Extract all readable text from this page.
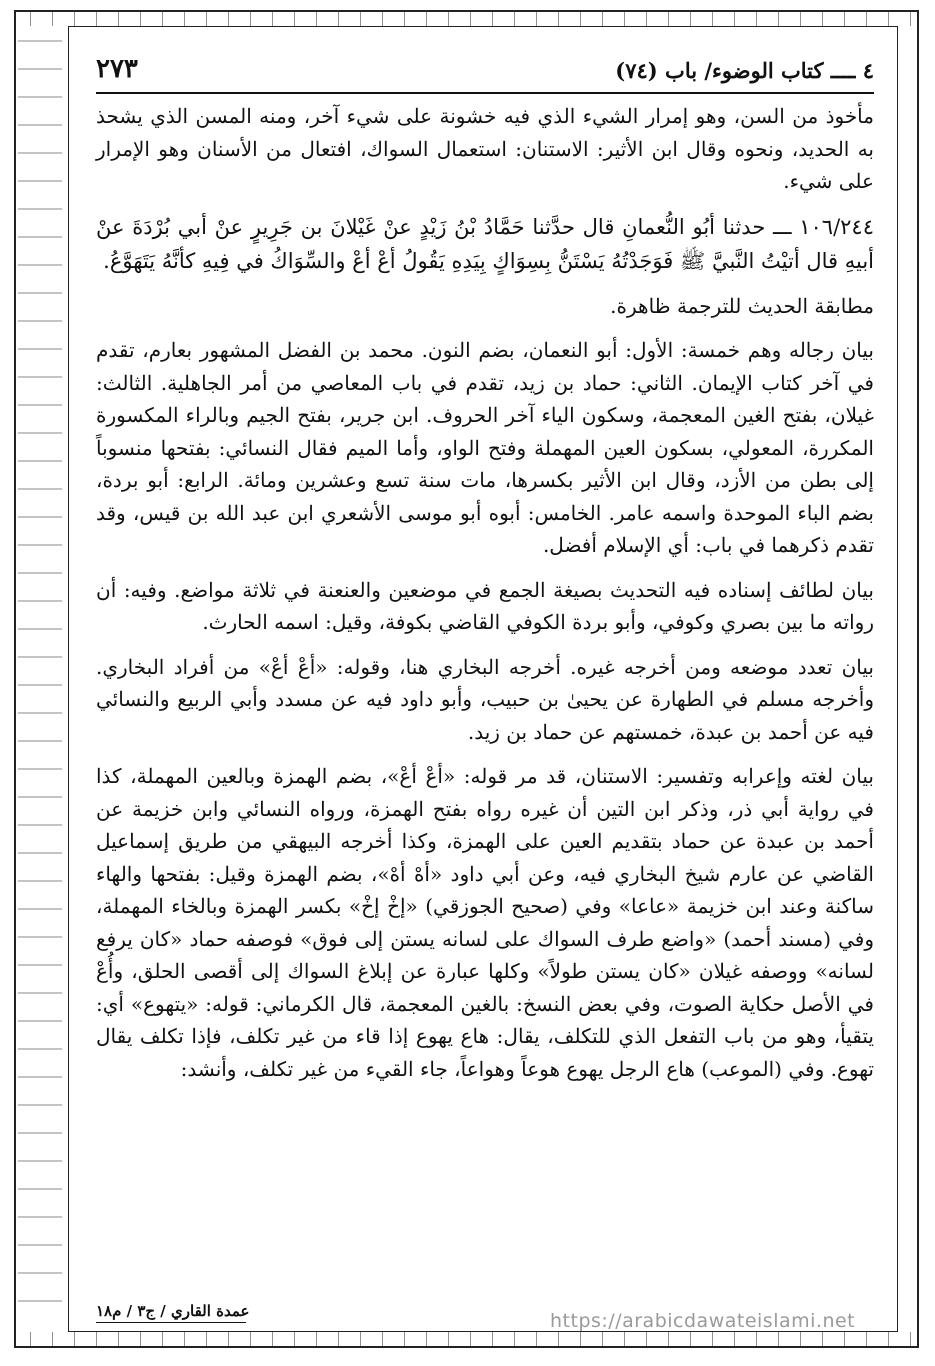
٤ ــــ كتاب الوضوء/ باب (٧٤)
٢٧٣

مأخوذ من السن، وهو إمرار الشيء الذي فيه خشونة على شيء آخر، ومنه المسن الذي يشحذ به الحديد، ونحوه وقال ابن الأثير: الاستنان: استعمال السواك، افتعال من الأسنان وهو الإمرار على شيء.

١٠٦/٢٤٤ ـــ حدثنا أبُو النُّعمانِ قال حدَّثنا حَمَّادُ بْنُ زَيْدٍ عنْ غَيْلانَ بن جَرِيرٍ عنْ أبي بُرْدَةَ عنْ أبيهِ قال أتيْتُ النَّبيَّ ﷺ فَوَجَدْتُهُ يَسْتَنُّ بِسِوَاكٍ بِيَدِهِ يَقُولُ أعْ أعْ والسِّوَاكُ في فِيهِ كأنَّهُ يَتَهَوَّعُ.

مطابقة الحديث للترجمة ظاهرة.

بيان رجاله وهم خمسة: الأول: أبو النعمان، بضم النون. محمد بن الفضل المشهور بعارم، تقدم في آخر كتاب الإيمان. الثاني: حماد بن زيد، تقدم في باب المعاصي من أمر الجاهلية. الثالث: غيلان، بفتح الغين المعجمة، وسكون الياء آخر الحروف. ابن جرير، بفتح الجيم وبالراء المكسورة المكررة، المعولي، بسكون العين المهملة وفتح الواو، وأما الميم فقال النسائي: بفتحها منسوباً إلى بطن من الأزد، وقال ابن الأثير بكسرها، مات سنة تسع وعشرين ومائة. الرابع: أبو بردة، بضم الباء الموحدة واسمه عامر. الخامس: أبوه أبو موسى الأشعري ابن عبد الله بن قيس، وقد تقدم ذكرهما في باب: أي الإسلام أفضل.

بيان لطائف إسناده فيه التحديث بصيغة الجمع في موضعين والعنعنة في ثلاثة مواضع. وفيه: أن رواته ما بين بصري وكوفي، وأبو بردة الكوفي القاضي بكوفة، وقيل: اسمه الحارث.

بيان تعدد موضعه ومن أخرجه غيره. أخرجه البخاري هنا، وقوله: «أعْ أعْ» من أفراد البخاري. وأخرجه مسلم في الطهارة عن يحيىٰ بن حبيب، وأبو داود فيه عن مسدد وأبي الربيع والنسائي فيه عن أحمد بن عبدة، خمستهم عن حماد بن زيد.

بيان لغته وإعرابه وتفسير: الاستنان، قد مر قوله: «أعْ أعْ»، بضم الهمزة وبالعين المهملة، كذا في رواية أبي ذر، وذكر ابن التين أن غيره رواه بفتح الهمزة، ورواه النسائي وابن خزيمة عن أحمد بن عبدة عن حماد بتقديم العين على الهمزة، وكذا أخرجه البيهقي من طريق إسماعيل القاضي عن عارم شيخ البخاري فيه، وعن أبي داود «أهْ أهْ»، بضم الهمزة وقيل: بفتحها والهاء ساكنة وعند ابن خزيمة «عاعا» وفي (صحيح الجوزقي) «إخْ إخْ» بكسر الهمزة وبالخاء المهملة، وفي (مسند أحمد) «واضع طرف السواك على لسانه يستن إلى فوق» فوصفه حماد «كان يرفع لسانه» ووصفه غيلان «كان يستن طولاً» وكلها عبارة عن إبلاغ السواك إلى أقصى الحلق، وأُعْ في الأصل حكاية الصوت، وفي بعض النسخ: بالغين المعجمة، قال الكرماني: قوله: «يتهوع» أي: يتقيأ، وهو من باب التفعل الذي للتكلف، يقال: هاع يهوع إذا قاء من غير تكلف، فإذا تكلف يقال تهوع. وفي (الموعب) هاع الرجل يهوع هوعاً وهواعاً، جاء القيء من غير تكلف، وأنشد:

عمدة القاري / ج٣ / م١٨	https://arabicdawateislami.net
